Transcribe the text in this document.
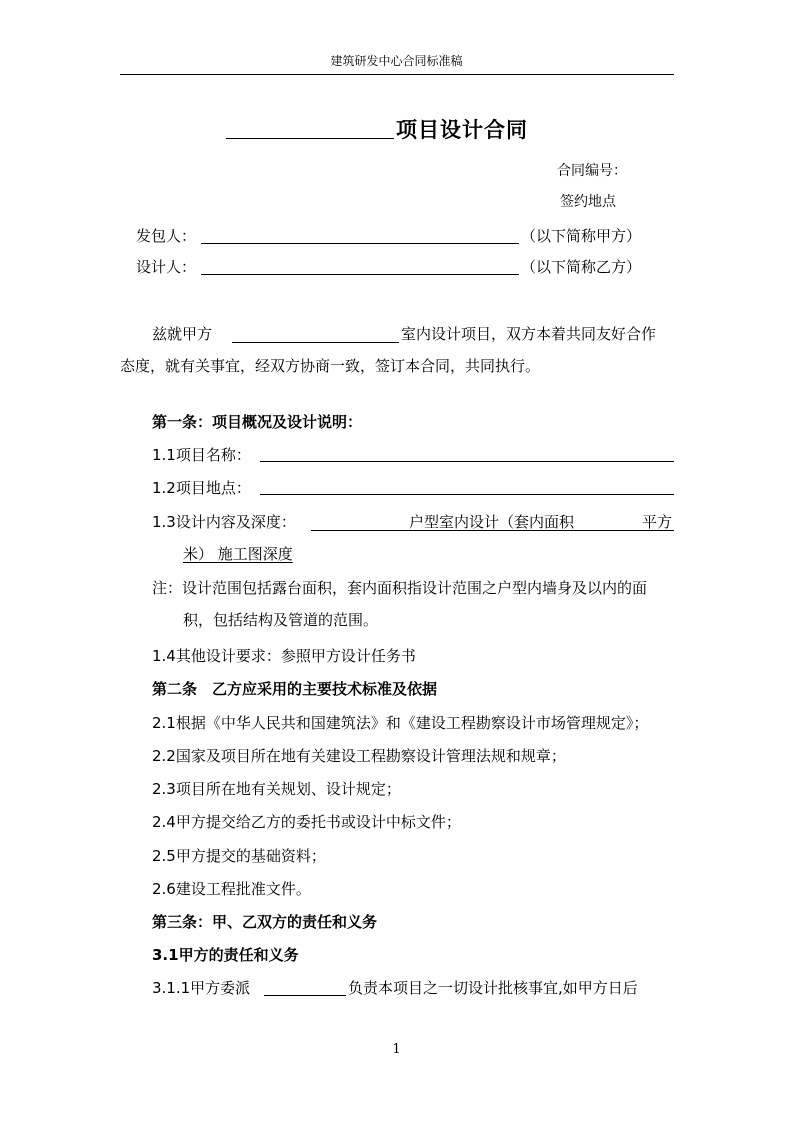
建筑研发中心合同标准稿
项目设计合同
合同编号：
签约地点
发包人：	（以下简称甲方）
设计人：	（以下简称乙方）
兹就甲方	室内设计项目，双方本着共同友好合作
态度，就有关事宜，经双方协商一致，签订本合同，共同执行。
第一条：项目概况及设计说明：
1.1项目名称：
1.2项目地点：
1.3设计内容及深度：	户型室内设计（套内面积	平方
米） 施工图深度
注：设计范围包括露台面积，套内面积指设计范围之户型内墙身及以内的面
积，包括结构及管道的范围。
1.4其他设计要求：参照甲方设计任务书
第二条　乙方应采用的主要技术标准及依据
2.1根据《中华人民共和国建筑法》和《建设工程勘察设计市场管理规定》；
2.2国家及项目所在地有关建设工程勘察设计管理法规和规章；
2.3项目所在地有关规划、设计规定；
2.4甲方提交给乙方的委托书或设计中标文件；
2.5甲方提交的基础资料；
2.6建设工程批准文件。
第三条：甲、乙双方的责任和义务
3.1甲方的责任和义务
3.1.1甲方委派	负责本项目之一切设计批核事宜,如甲方日后
1
